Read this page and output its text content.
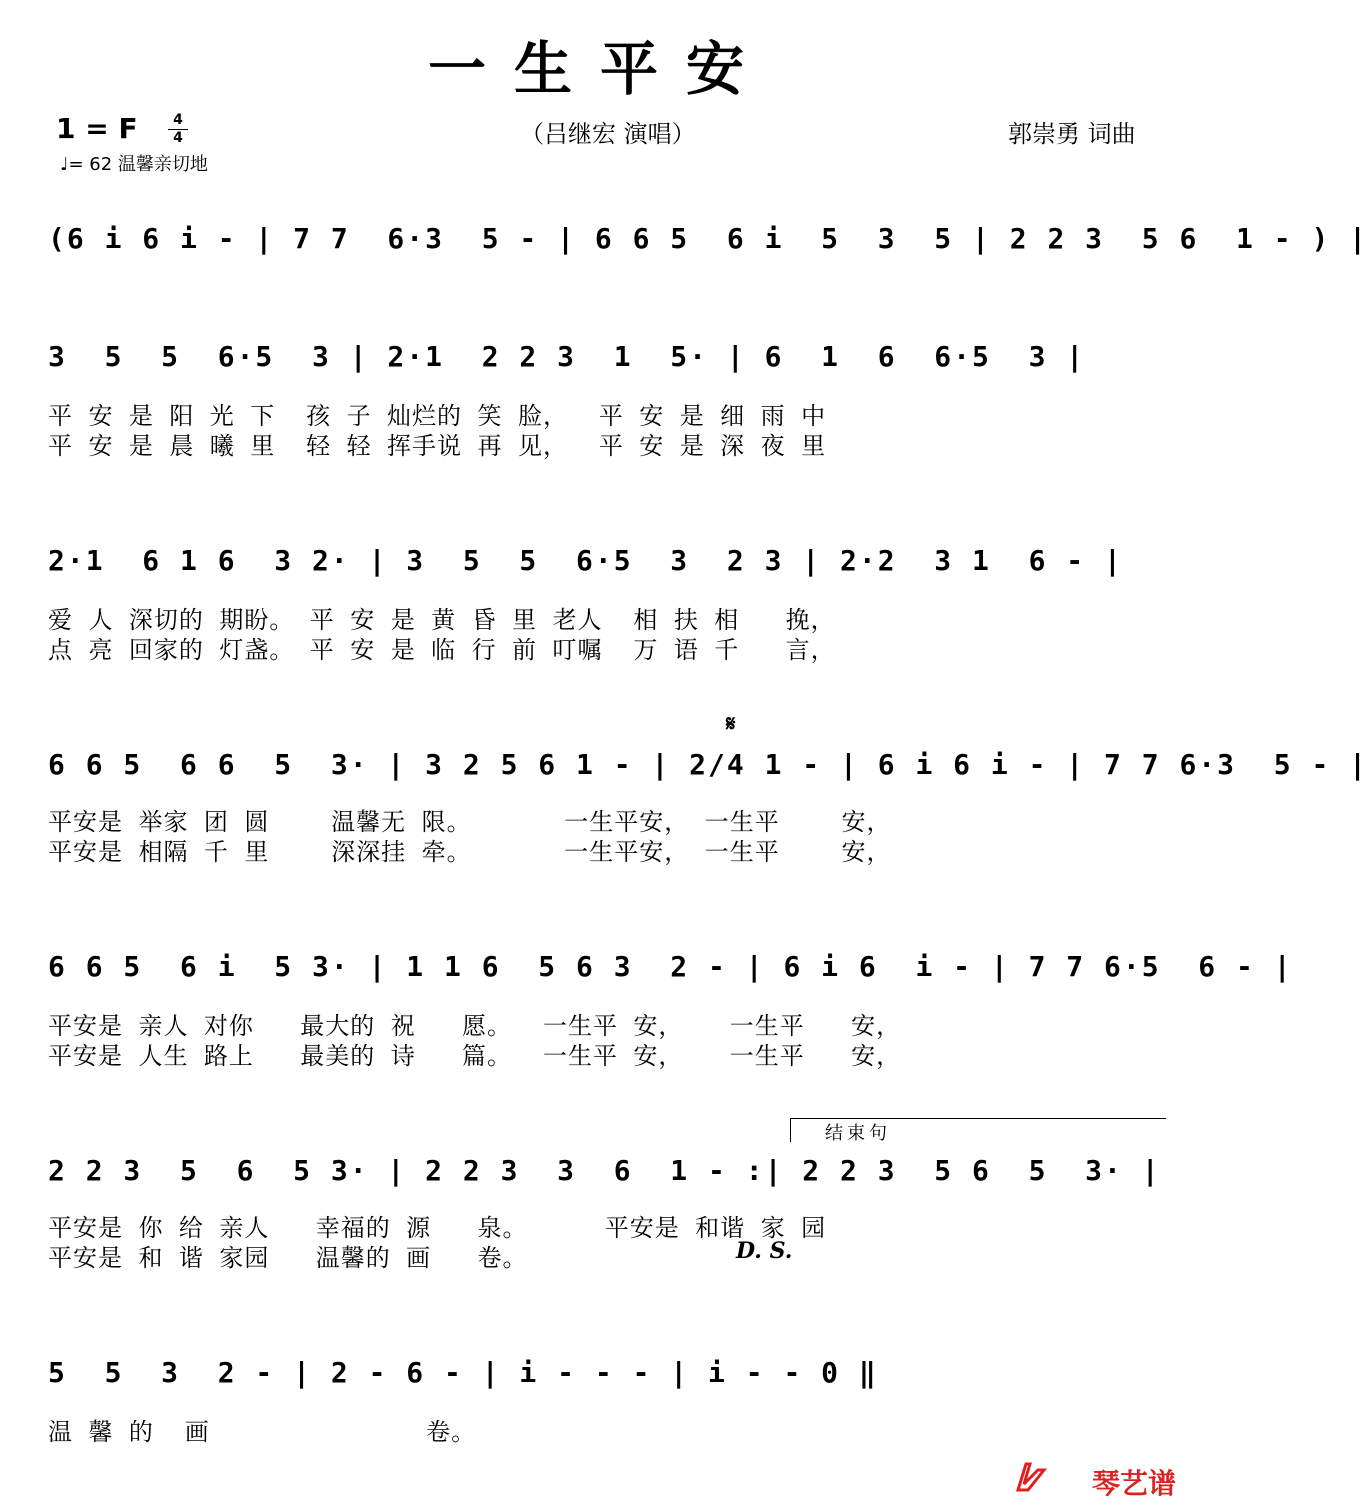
一生平安
1 = F	4
4
♩= 62 温馨亲切地
（吕继宏 演唱）	郭崇勇 词曲
(6 i 6 i - | 7 7  6·3  5 - | 6 6 5  6 i  5  3  5 | 2 2 3  5 6  1 - ) |
3  5  5  6·5  3 | 2·1  2 2 3  1  5· | 6  1  6  6·5  3 |
平 安 是 阳 光 下  孩 子 灿烂的 笑 脸，  平 安 是 细 雨 中
平 安 是 晨 曦 里  轻 轻 挥手说 再 见，  平 安 是 深 夜 里
2·1  6 1 6  3 2· | 3  5  5  6·5  3  2 3 | 2·2  3 1  6 - |
爱 人 深切的 期盼。 平 安 是 黄 昏 里 老人  相 扶 相   挽，
点 亮 回家的 灯盏。 平 安 是 临 行 前 叮嘱  万 语 千   言，
𝄋
6 6 5  6 6  5  3· | 3 2 5 6 1 - | 2/4 1 - | 6 i 6 i - | 7 7 6·3  5 - |
平安是 举家 团 圆    温馨无 限。      一生平安， 一生平    安，
平安是 相隔 千 里    深深挂 牵。      一生平安， 一生平    安，
6 6 5  6 i  5 3· | 1 1 6  5 6 3  2 - | 6 i 6  i - | 7 7 6·5  6 - |
平安是 亲人 对你   最大的 祝   愿。  一生平 安，   一生平   安，
平安是 人生 路上   最美的 诗   篇。  一生平 安，   一生平   安，
结束句
2 2 3  5  6  5 3· | 2 2 3  3  6  1 - :| 2 2 3  5 6  5  3· |
平安是 你 给 亲人   幸福的 源   泉。     平安是 和谐 家 园
平安是 和 谐 家园   温馨的 画   卷。	D. S.
5  5  3  2 - | 2 - 6 - | i - - - | i - - 0 ‖
温 馨 的  画              卷。
琴艺谱
